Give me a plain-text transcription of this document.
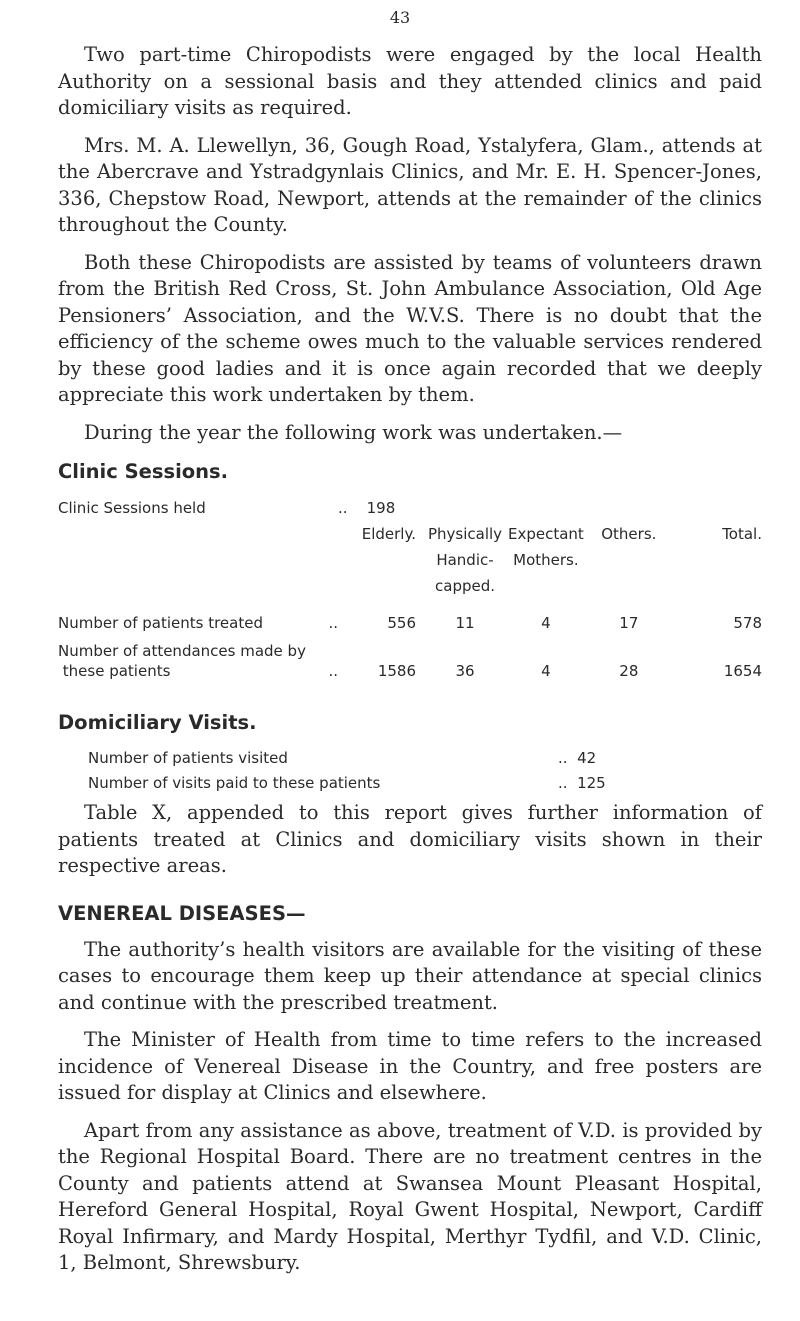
43

Two part-time Chiropodists were engaged by the local Health Authority on a sessional basis and they attended clinics and paid domiciliary visits as required.

Mrs. M. A. Llewellyn, 36, Gough Road, Ystalyfera, Glam., attends at the Abercrave and Ystradgynlais Clinics, and Mr. E. H. Spencer-Jones, 336, Chepstow Road, Newport, attends at the remainder of the clinics throughout the County.

Both these Chiropodists are assisted by teams of volunteers drawn from the British Red Cross, St. John Ambulance Association, Old Age Pensioners’ Association, and the W.V.S. There is no doubt that the efficiency of the scheme owes much to the valuable services rendered by these good ladies and it is once again recorded that we deeply appreciate this work undertaken by them.

During the year the following work was undertaken.—

Clinic Sessions.
Clinic Sessions held	.. 198				
	Elderly.	Physically	Expectant	Others.	Total.
		Handic-	Mothers.		
		capped.			
Number of patients treated ..	556	11	4	17	578
Number of attendances made by					
these patients ..	1586	36	4	28	1654
Domiciliary Visits.
Number of patients visited	.. 42
Number of visits paid to these patients	.. 125

Table X, appended to this report gives further information of patients treated at Clinics and domiciliary visits shown in their respective areas.

VENEREAL DISEASES—

The authority’s health visitors are available for the visiting of these cases to encourage them keep up their attendance at special clinics and continue with the prescribed treatment.

The Minister of Health from time to time refers to the increased incidence of Venereal Disease in the Country, and free posters are issued for display at Clinics and elsewhere.

Apart from any assistance as above, treatment of V.D. is provided by the Regional Hospital Board. There are no treatment centres in the County and patients attend at Swansea Mount Pleasant Hospital, Hereford General Hospital, Royal Gwent Hospital, Newport, Cardiff Royal Infirmary, and Mardy Hospital, Merthyr Tydfil, and V.D. Clinic, 1, Belmont, Shrewsbury.
